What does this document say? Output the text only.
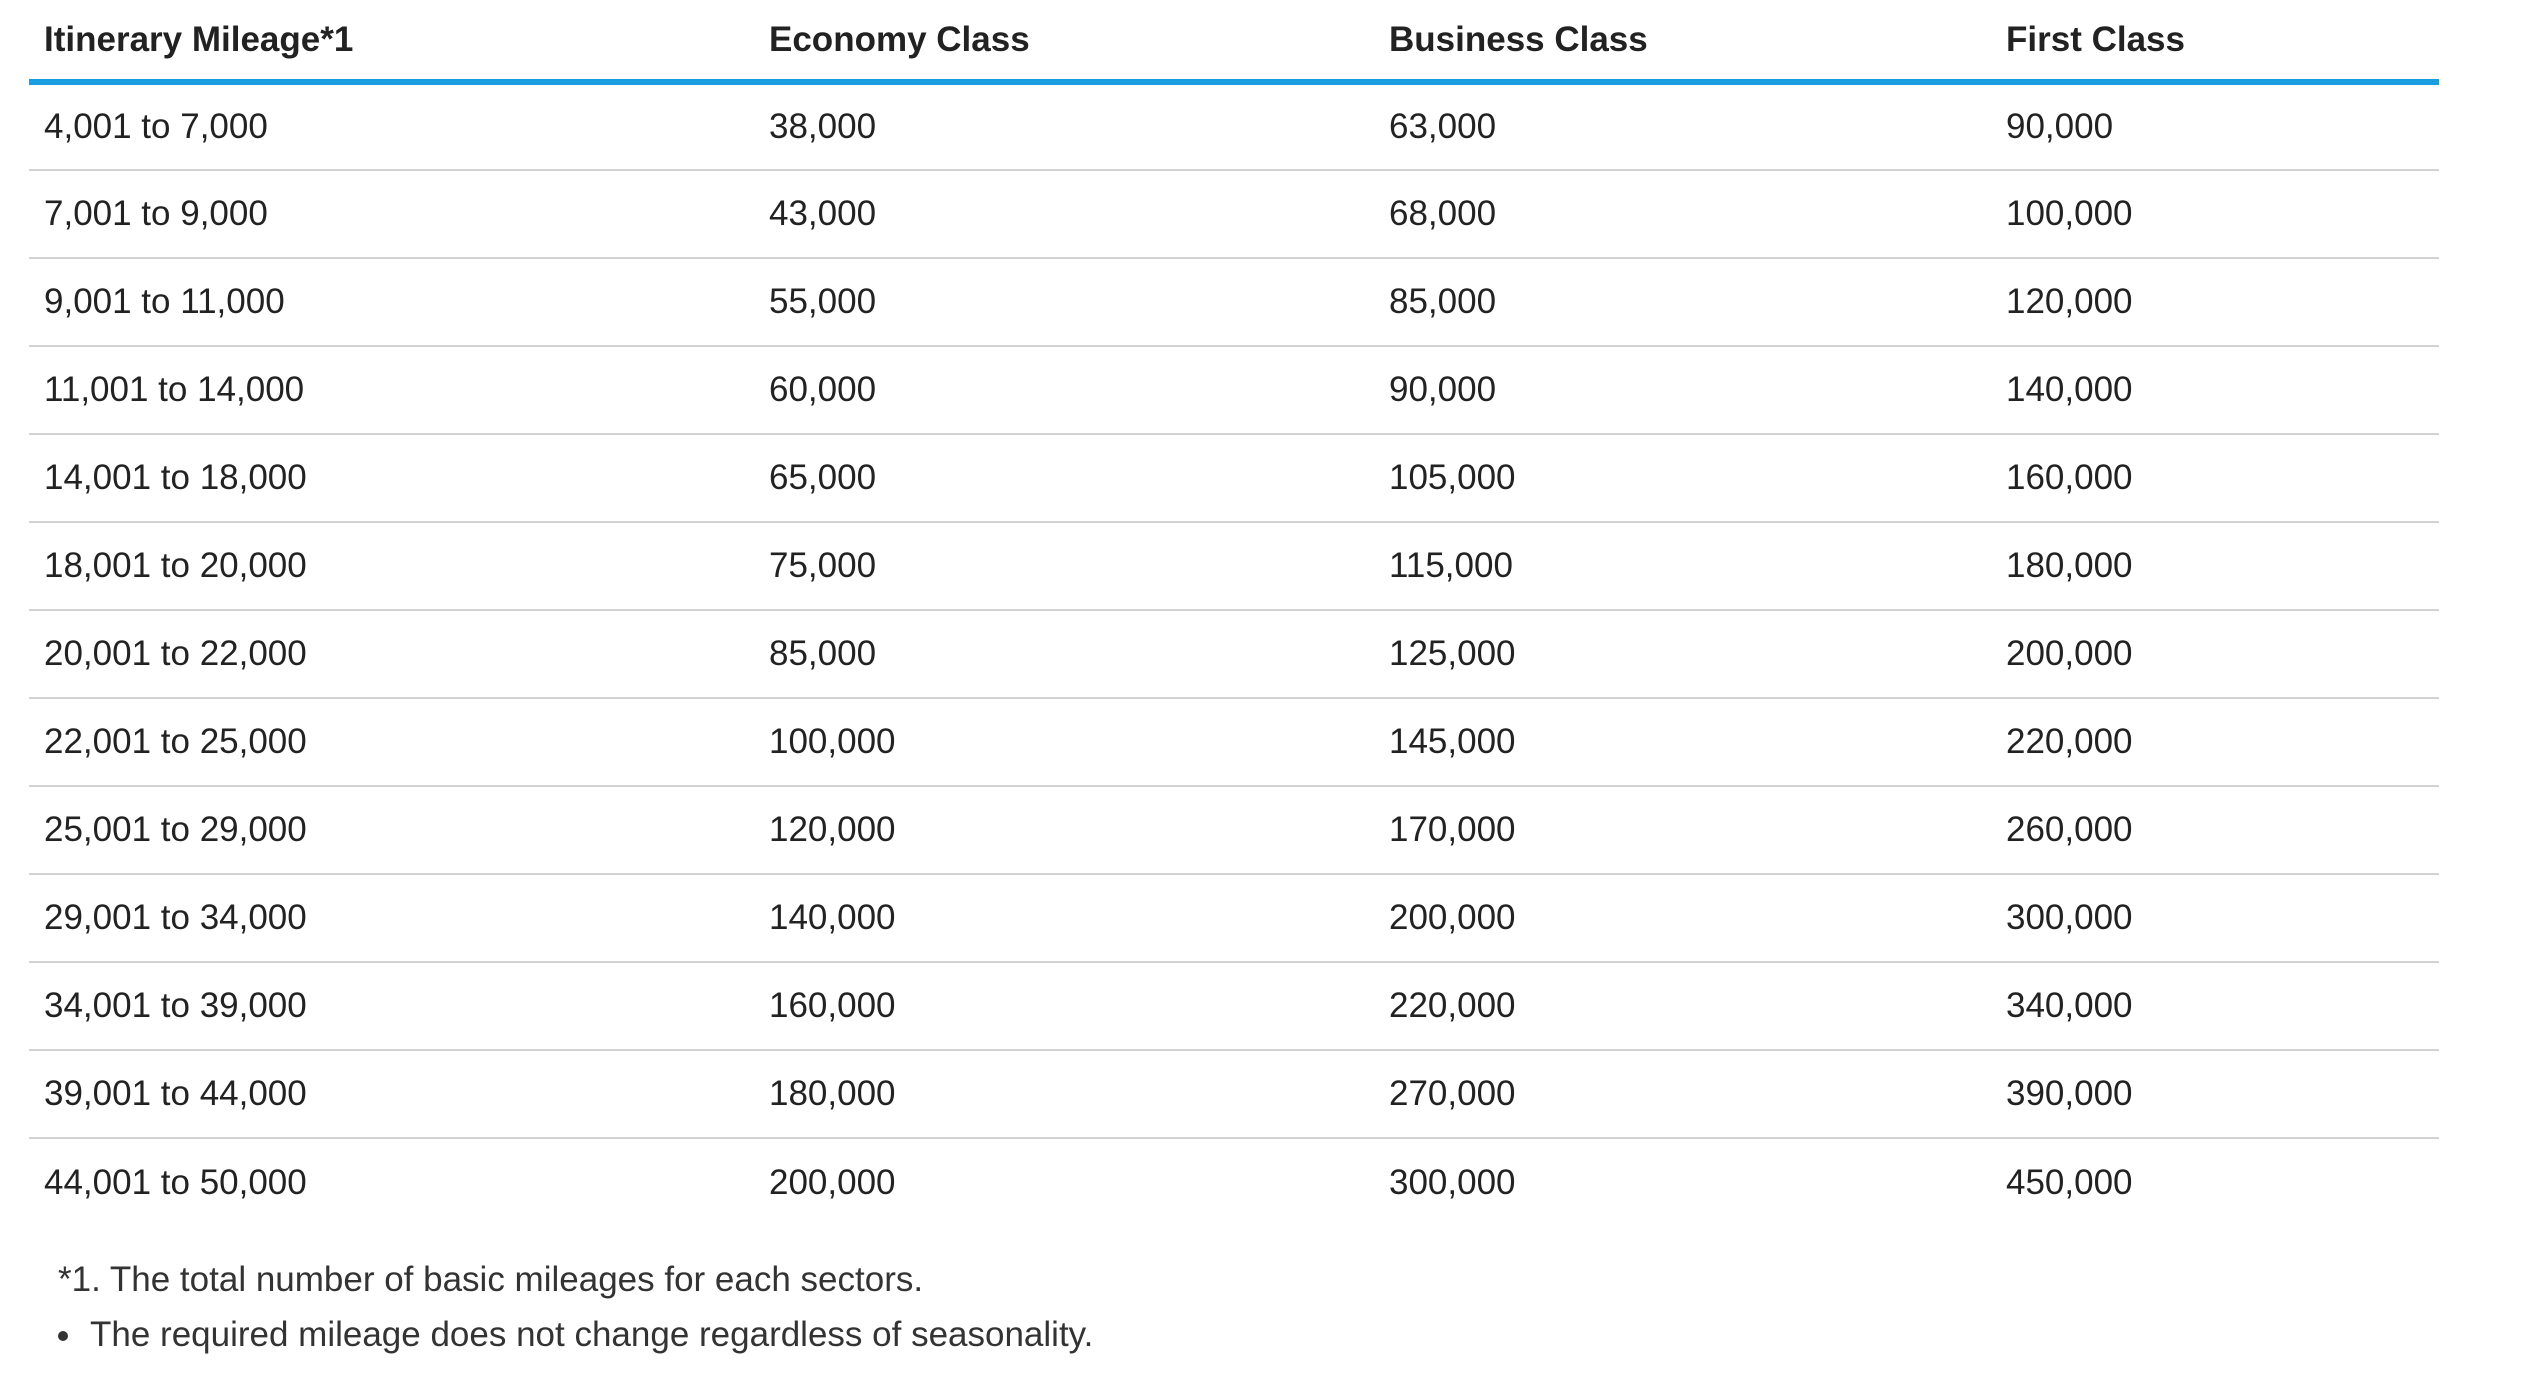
Itinerary Mileage*1	Economy Class	Business Class	First Class
4,001 to 7,000	38,000	63,000	90,000
7,001 to 9,000	43,000	68,000	100,000
9,001 to 11,000	55,000	85,000	120,000
11,001 to 14,000	60,000	90,000	140,000
14,001 to 18,000	65,000	105,000	160,000
18,001 to 20,000	75,000	115,000	180,000
20,001 to 22,000	85,000	125,000	200,000
22,001 to 25,000	100,000	145,000	220,000
25,001 to 29,000	120,000	170,000	260,000
29,001 to 34,000	140,000	200,000	300,000
34,001 to 39,000	160,000	220,000	340,000
39,001 to 44,000	180,000	270,000	390,000
44,001 to 50,000	200,000	300,000	450,000
*1. The total number of basic mileages for each sectors.
The required mileage does not change regardless of seasonality.
